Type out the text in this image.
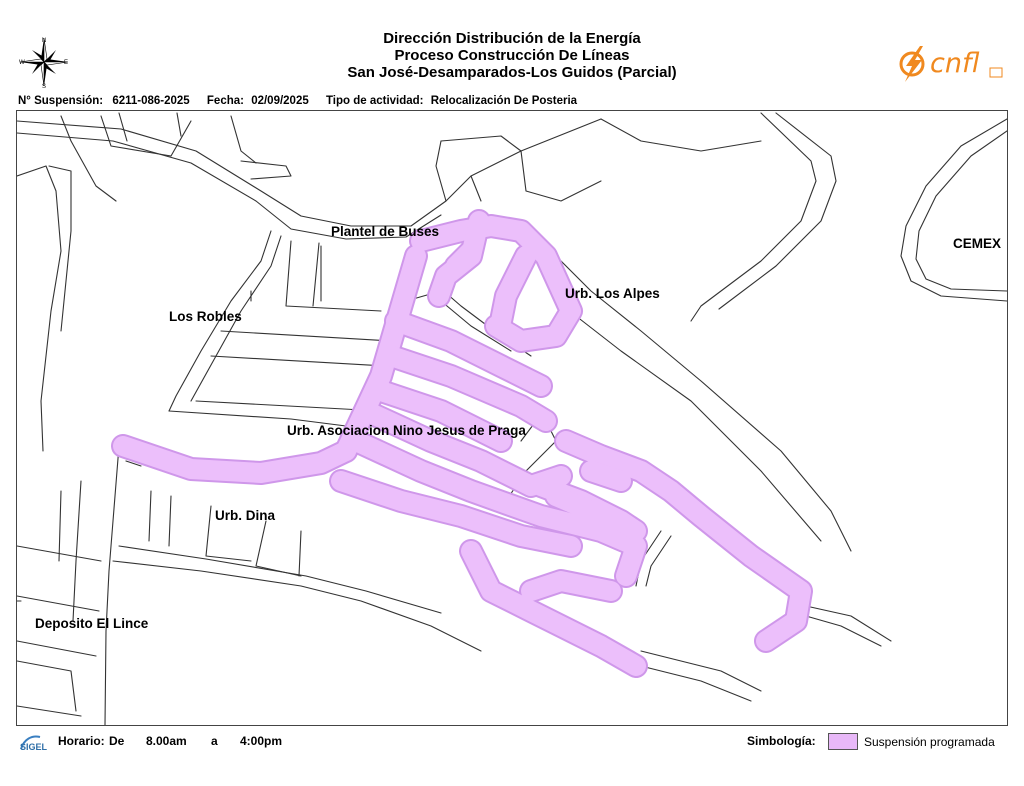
Dirección Distribución de la Energía
Proceso Construcción De Líneas
San José-Desamparados-Los Guidos (Parcial)
N
W	E
S
cnfl
N° Suspensión: 6211-086-2025 Fecha: 02/09/2025 Tipo de actividad: Relocalización De Posteria
Plantel de Buses
Urb. Los Alpes
CEMEX
Los Robles
Urb. Asociacion Nino Jesus de Praga
Urb. Dina
Deposito El Lince
SIGEL Horario: De 8.00am a 4:00pm	Simbología:	Suspensión programada
